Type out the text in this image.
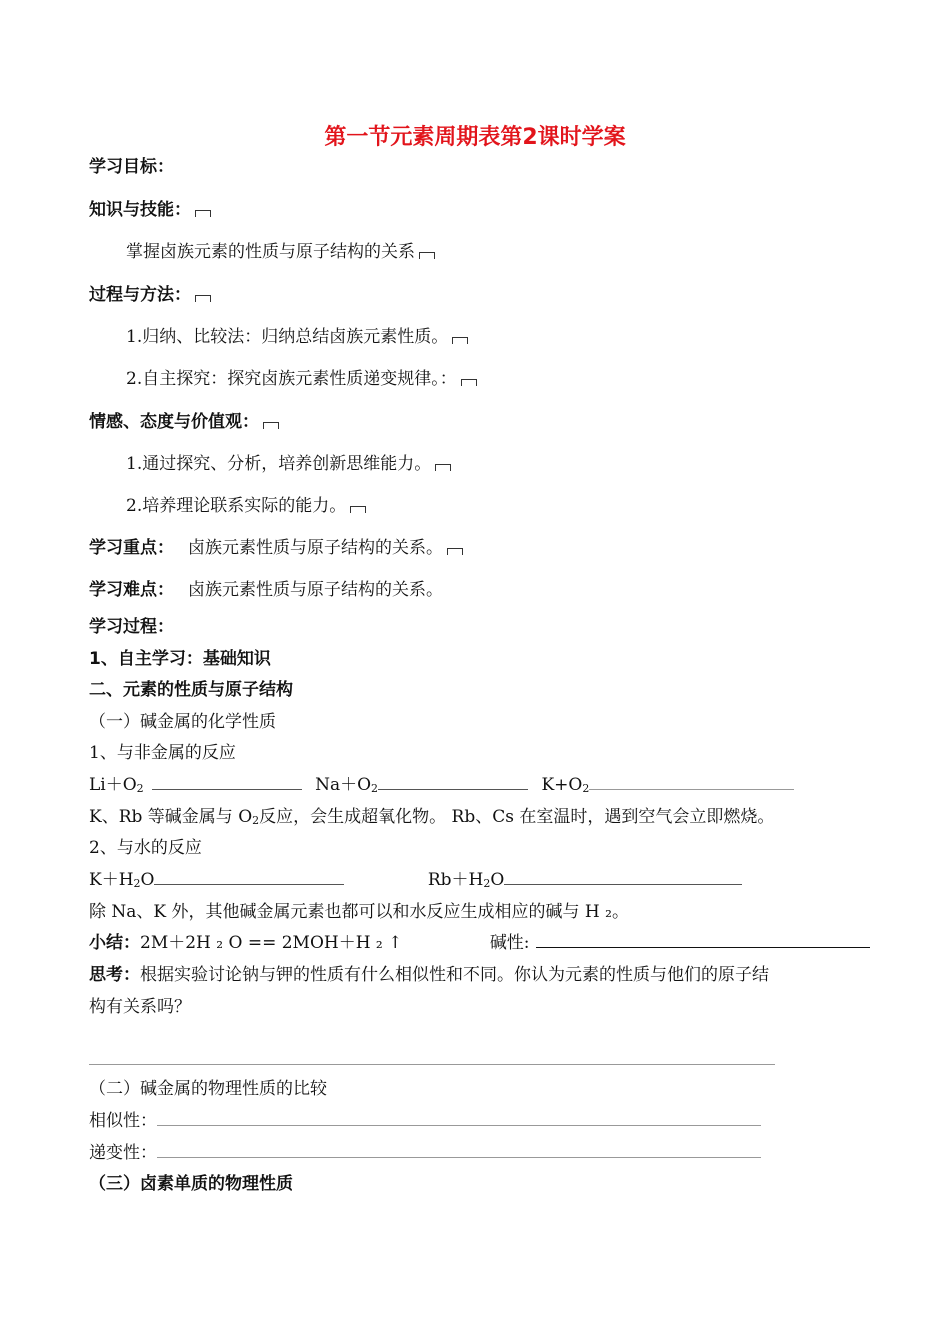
第一节元素周期表第2课时学案
学习目标：
知识与技能：
掌握卤族元素的性质与原子结构的关系
过程与方法：
1.归纳、比较法：归纳总结卤族元素性质。
2.自主探究：探究卤族元素性质递变规律。：
情感、态度与价值观：
1.通过探究、分析，培养创新思维能力。
2.培养理论联系实际的能力。
学习重点： 卤族元素性质与原子结构的关系。
学习难点： 卤族元素性质与原子结构的关系。
学习过程：
1、自主学习：基础知识
二、元素的性质与原子结构
（一）碱金属的化学性质
1、与非金属的反应
$Li+O_2$	$Na+O_2$	$K+O_2$
K、Rb 等碱金属与 $O_2$反应，会生成超氧化物。 Rb、Cs 在室温时，遇到空气会立即燃烧。
2、与水的反应
$K+H_2O$	$Rb+H_2O$
除 Na、K 外，其他碱金属元素也都可以和水反应生成相应的碱与 H ₂。
小结：2M＋2H ₂ O == 2MOH＋H ₂ ↑	碱性:
思考：根据实验讨论钠与钾的性质有什么相似性和不同。你认为元素的性质与他们的原子结
构有关系吗？
（二）碱金属的物理性质的比较
相似性：
递变性：
（三）卤素单质的物理性质
